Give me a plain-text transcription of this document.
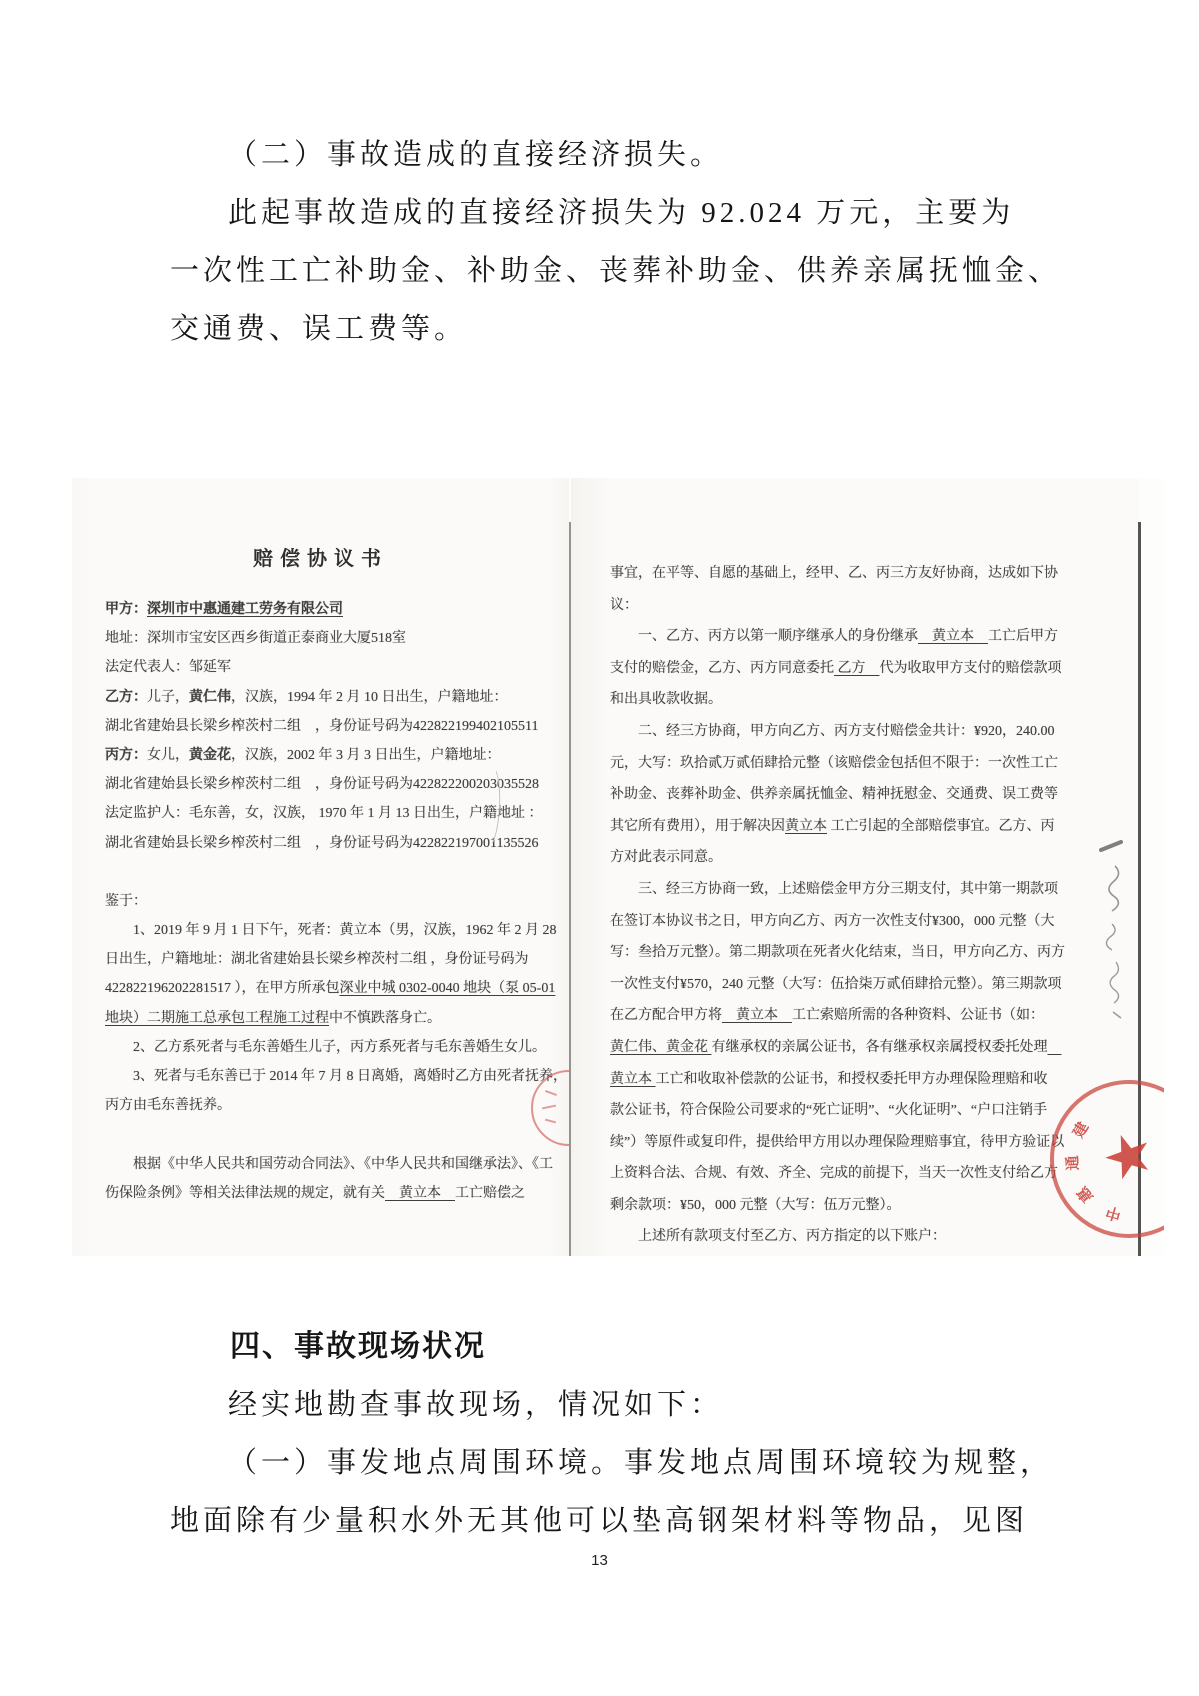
（二）事故造成的直接经济损失。
此起事故造成的直接经济损失为 92.024 万元，主要为
一次性工亡补助金、补助金、丧葬补助金、供养亲属抚恤金、
交通费、误工费等。
赔偿协议书
甲方：深圳市中惠通建工劳务有限公司
地址：深圳市宝安区西乡街道正泰商业大厦518室
法定代表人：邹延军
乙方：儿子，黄仁伟，汉族，1994 年 2 月 10 日出生，户籍地址：
湖北省建始县长梁乡榨茨村二组　，身份证号码为422822199402105511
丙方：女儿，黄金花，汉族，2002 年 3 月 3 日出生，户籍地址：
湖北省建始县长梁乡榨茨村二组　，身份证号码为422822200203035528
法定监护人：毛东善，女，汉族， 1970 年 1 月 13 日出生，户籍地址 ：
湖北省建始县长梁乡榨茨村二组　，身份证号码为422822197001135526
鉴于：
1、2019 年 9 月 1 日下午，死者：黄立本（男，汉族，1962 年 2 月 28
日出生，户籍地址：湖北省建始县长梁乡榨茨村二组 ，身份证号码为
422822196202281517 ），在甲方所承包深业中城 0302-0040 地块（泵 05-01
地块）二期施工总承包工程施工过程中不慎跌落身亡。
2、乙方系死者与毛东善婚生儿子，丙方系死者与毛东善婚生女儿。
3、死者与毛东善已于 2014 年 7 月 8 日离婚，离婚时乙方由死者抚养，
丙方由毛东善抚养。
根据《中华人民共和国劳动合同法》、《中华人民共和国继承法》、《工
伤保险条例》等相关法律法规的规定，就有关　黄立本　工亡赔偿之
事宜，在平等、自愿的基础上，经甲、乙、丙三方友好协商，达成如下协
议：
一、乙方、丙方以第一顺序继承人的身份继承　黄立本　工亡后甲方
支付的赔偿金，乙方、丙方同意委托 乙方　代为收取甲方支付的赔偿款项
和出具收款收据。
二、经三方协商，甲方向乙方、丙方支付赔偿金共计：¥920，240.00
元，大写：玖拾贰万贰佰肆拾元整（该赔偿金包括但不限于：一次性工亡
补助金、丧葬补助金、供养亲属抚恤金、精神抚慰金、交通费、误工费等
其它所有费用），用于解决因黄立本 工亡引起的全部赔偿事宜。乙方、丙
方对此表示同意。
三、经三方协商一致，上述赔偿金甲方分三期支付，其中第一期款项
在签订本协议书之日，甲方向乙方、丙方一次性支付¥300，000 元整（大
写：叁拾万元整）。第二期款项在死者火化结束，当日，甲方向乙方、丙方
一次性支付¥570，240 元整（大写：伍拾柒万贰佰肆拾元整）。第三期款项
在乙方配合甲方将　黄立本　工亡索赔所需的各种资料、公证书（如：
黄仁伟、黄金花 有继承权的亲属公证书，各有继承权亲属授权委托处理　
黄立本 工亡和收取补偿款的公证书，和授权委托甲方办理保险理赔和收
款公证书，符合保险公司要求的“死亡证明”、“火化证明”、“户口注销手
续”）等原件或复印件，提供给甲方用以办理保险理赔事宜，待甲方验证以
上资料合法、合规、有效、齐全、完成的前提下，当天一次性支付给乙方
剩余款项：¥50，000 元整（大写：伍万元整）。
上述所有款项支付至乙方、丙方指定的以下账户：
中
惠
通
建 ★
四、事故现场状况
经实地勘查事故现场，情况如下：
（一）事发地点周围环境。事发地点周围环境较为规整，
地面除有少量积水外无其他可以垫高钢架材料等物品，见图
13
